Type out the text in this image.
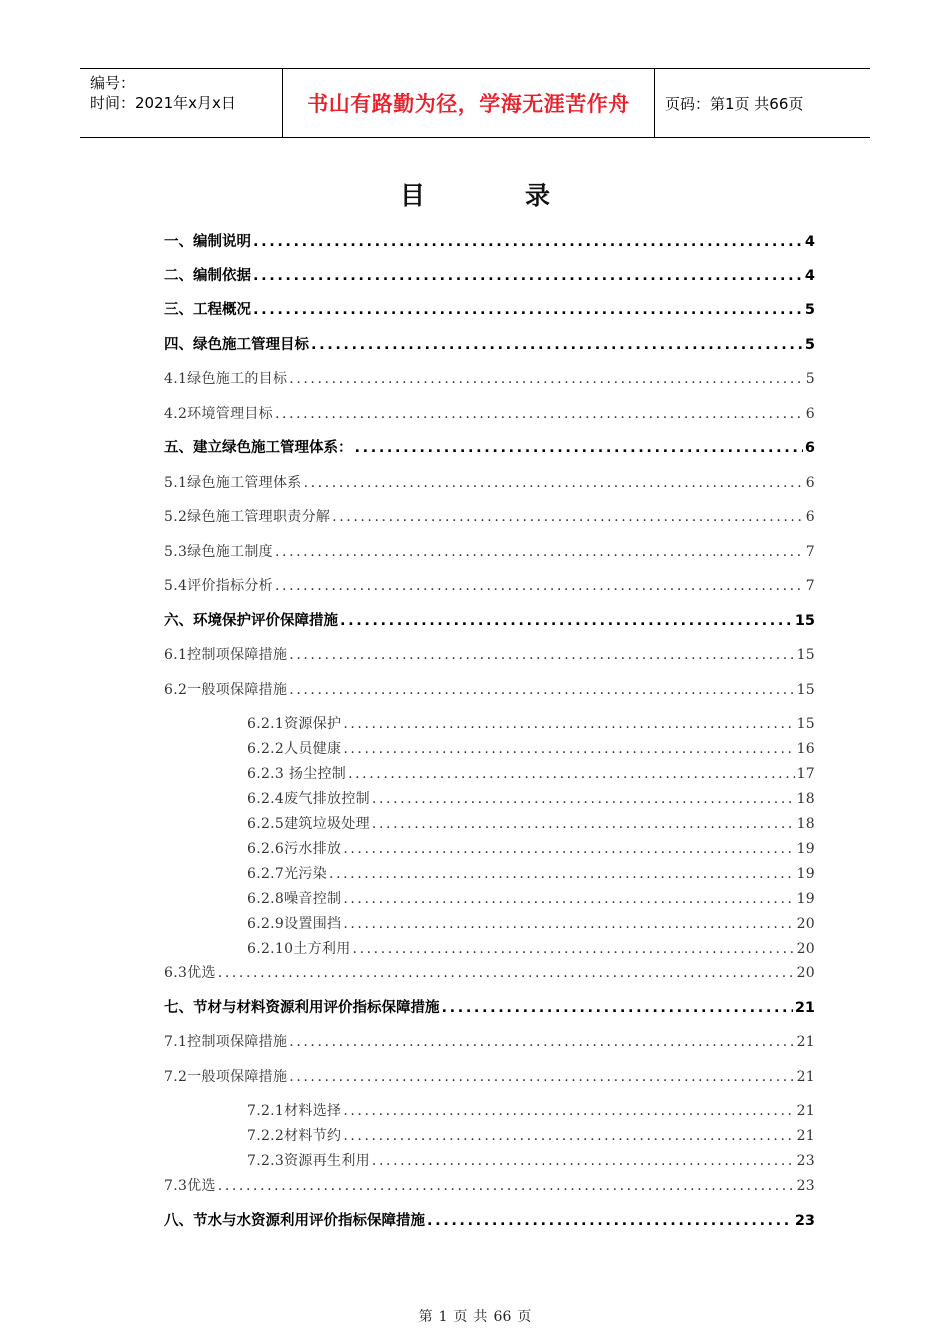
编号：
时间：2021年x月x日	书山有路勤为径，学海无涯苦作舟	页码：第1页 共66页
目	录
一、编制说明 .....	4
二、编制依据 .....	4
三、工程概况 .....	5
四、绿色施工管理目标 .....	5
4.1绿色施工的目标 .....	5
4.2环境管理目标 .....	6
五、建立绿色施工管理体系： .....	6
5.1绿色施工管理体系 .....	6
5.2绿色施工管理职责分解 .....	6
5.3绿色施工制度 .....	7
5.4评价指标分析 .....	7
六、环境保护评价保障措施 .....	15
6.1控制项保障措施 .....	15
6.2一般项保障措施 .....	15
6.2.1资源保护 .....	15
6.2.2人员健康 .....	16
6.2.3 扬尘控制 .....	17
6.2.4废气排放控制 .....	18
6.2.5建筑垃圾处理 .....	18
6.2.6污水排放 .....	19
6.2.7光污染 .....	19
6.2.8噪音控制 .....	19
6.2.9设置围挡 .....	20
6.2.10土方利用 .....	20
6.3优选 .....	20
七、节材与材料资源利用评价指标保障措施 .....	21
7.1控制项保障措施 .....	21
7.2一般项保障措施 .....	21
7.2.1材料选择 .....	21
7.2.2材料节约 .....	21
7.2.3资源再生利用 .....	23
7.3优选 .....	23
八、节水与水资源利用评价指标保障措施 .....	23
第 1 页 共 66 页
